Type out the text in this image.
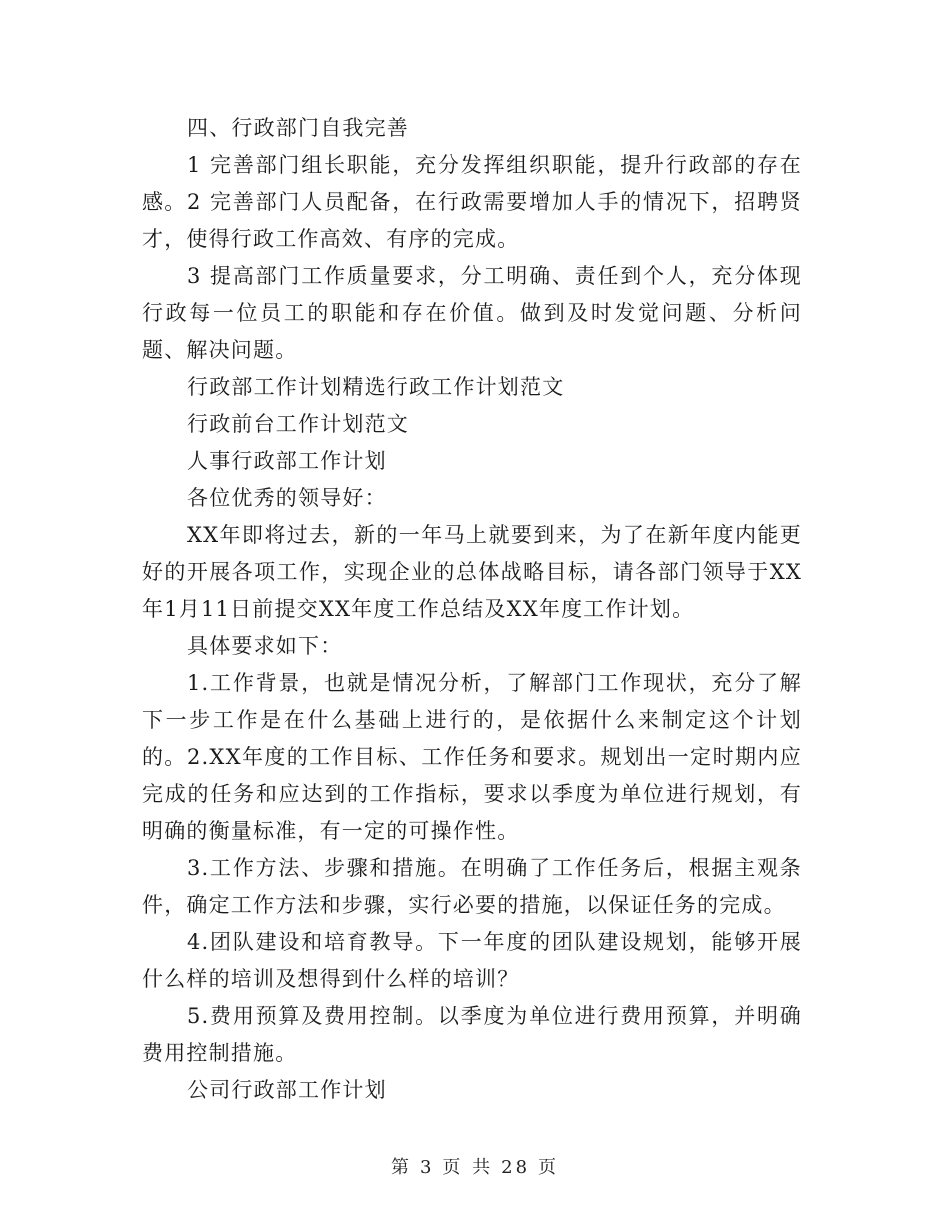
四、行政部门自我完善

1 完善部门组长职能，充分发挥组织职能，提升行政部的存在感。 2 完善部门人员配备，在行政需要增加人手的情况下，招聘贤才，使得行政工作高效、有序的完成。

3 提高部门工作质量要求，分工明确、责任到个人，充分体现行政每一位员工的职能和存在价值。做到及时发觉问题、分析问题、解决问题。

行政部工作计划精选行政工作计划范文

行政前台工作计划范文

人事行政部工作计划

各位优秀的领导好：

XX年即将过去，新的一年马上就要到来，为了在新年度内能更好的开展各项工作，实现企业的总体战略目标，请各部门领导于XX年1月11日前提交XX年度工作总结及XX年度工作计划。

具体要求如下：

1.工作背景，也就是情况分析，了解部门工作现状，充分了解下一步工作是在什么基础上进行的，是依据什么来制定这个计划的。 2.XX年度的工作目标、工作任务和要求。规划出一定时期内应完成的任务和应达到的工作指标，要求以季度为单位进行规划，有明确的衡量标准，有一定的可操作性。

3.工作方法、步骤和措施。在明确了工作任务后，根据主观条件，确定工作方法和步骤，实行必要的措施，以保证任务的完成。

4.团队建设和培育教导。下一年度的团队建设规划，能够开展什么样的培训及想得到什么样的培训？

5.费用预算及费用控制。以季度为单位进行费用预算，并明确费用控制措施。

公司行政部工作计划

第 3 页 共 28 页
